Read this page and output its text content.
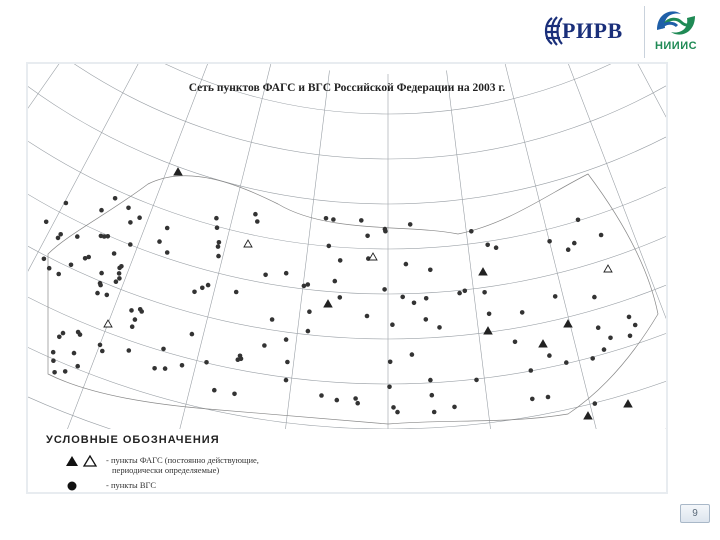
РИРВ
НИИИС
Сеть пунктов ФАГС и ВГС Российской Федерации на 2003 г.
УСЛОВНЫЕ ОБОЗНАЧЕНИЯ
- пункты ФАГС (постоянно действующие,
периодически определяемые)
- пункты ВГС
9
